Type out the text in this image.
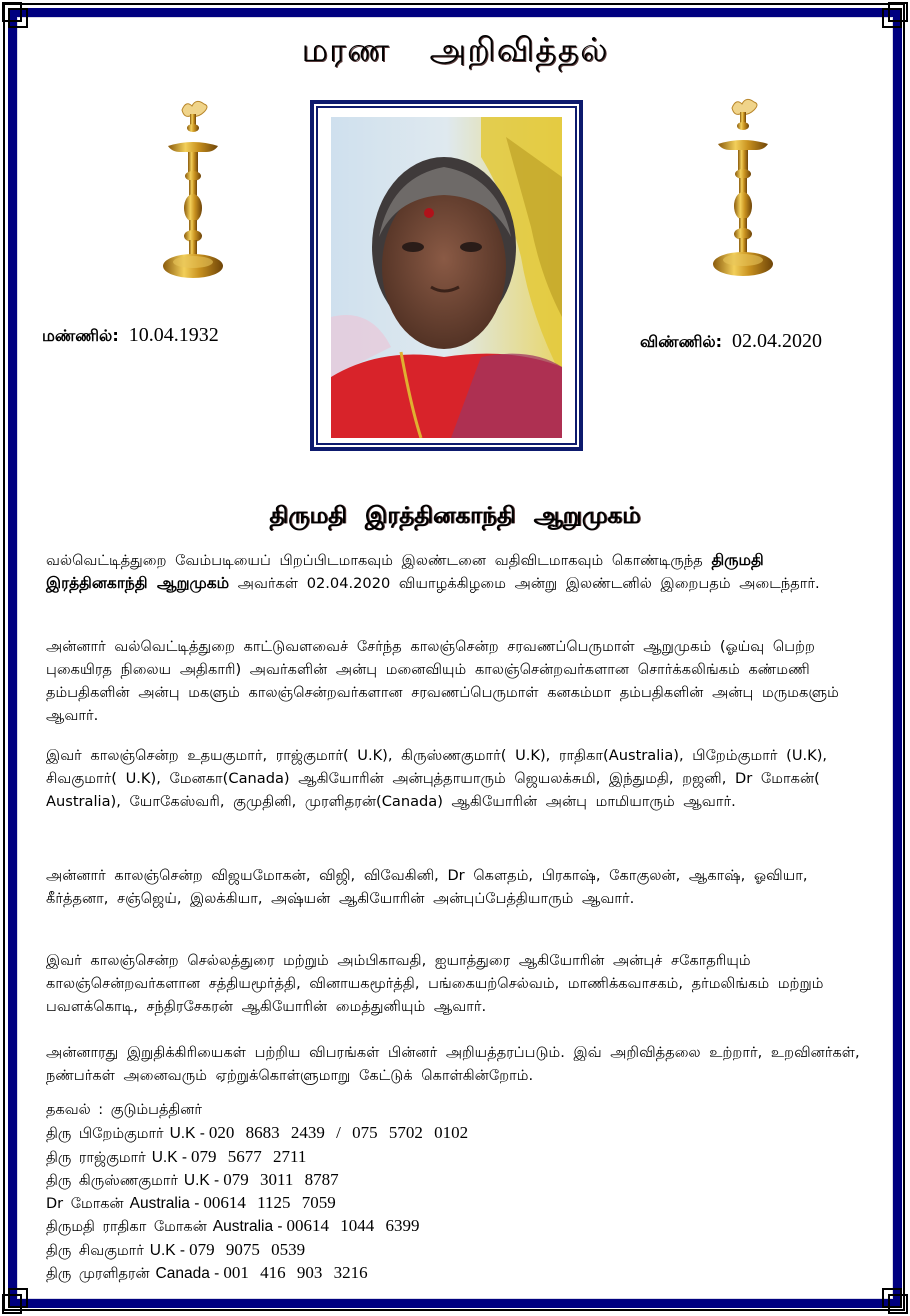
மரண அறிவித்தல்
மண்ணில்: 10.04.1932	விண்ணில்: 02.04.2020
திருமதி இரத்தினகாந்தி ஆறுமுகம்
வல்வெட்டித்துறை வேம்படியைப் பிறப்பிடமாகவும் இலண்டனை வதிவிடமாகவும் கொண்டிருந்த திருமதி இரத்தினகாந்தி ஆறுமுகம் அவர்கள் 02.04.2020 வியாழக்கிழமை அன்று இலண்டனில் இறைபதம் அடைந்தார்.
அன்னார் வல்வெட்டித்துறை காட்டுவளவைச் சேர்ந்த காலஞ்சென்ற சரவணப்பெருமாள் ஆறுமுகம் (ஓய்வு பெற்ற புகையிரத நிலைய அதிகாரி) அவர்களின் அன்பு மனைவியும் காலஞ்சென்றவர்களான சொர்க்கலிங்கம் கண்மணி தம்பதிகளின் அன்பு மகளும் காலஞ்சென்றவர்களான சரவணப்பெருமாள் கனகம்மா தம்பதிகளின் அன்பு மருமகளும் ஆவார்.
இவர் காலஞ்சென்ற உதயகுமார், ராஜ்குமார்( U.K), கிருஸ்ணகுமார்( U.K), ராதிகா(Australia), பிறேம்குமார் (U.K), சிவகுமார்( U.K), மேனகா(Canada) ஆகியோரின் அன்புத்தாயாரும் ஜெயலக்சுமி, இந்துமதி, றஜனி, Dr மோகன்( Australia), யோகேஸ்வரி, குமுதினி, முரளிதரன்(Canada) ஆகியோரின் அன்பு மாமியாரும் ஆவார்.
அன்னார் காலஞ்சென்ற விஜயமோகன், விஜி, விவேகினி, Dr கௌதம், பிரகாஷ், கோகுலன், ஆகாஷ், ஓவியா, கீர்த்தனா, சஞ்ஜெய், இலக்கியா, அஷ்யன் ஆகியோரின் அன்புப்பேத்தியாரும் ஆவார்.
இவர் காலஞ்சென்ற செல்லத்துரை மற்றும் அம்பிகாவதி, ஐயாத்துரை ஆகியோரின் அன்புச் சகோதரியும் காலஞ்சென்றவர்களான சத்தியமூர்த்தி, வினாயகமூர்த்தி, பங்கையற்செல்வம், மாணிக்கவாசகம், தர்மலிங்கம் மற்றும் பவளக்கொடி, சந்திரசேகரன் ஆகியோரின் மைத்துனியும் ஆவார்.
அன்னாரது இறுதிக்கிரியைகள் பற்றிய விபரங்கள் பின்னர் அறியத்தரப்படும். இவ் அறிவித்தலை உற்றார், உறவினர்கள், நண்பர்கள் அனைவரும் ஏற்றுக்கொள்ளுமாறு கேட்டுக் கொள்கின்றோம்.
தகவல் : குடும்பத்தினர்
திரு பிறேம்குமார் U.K - 020 8683 2439 / 075 5702 0102
திரு ராஜ்குமார் U.K - 079 5677 2711
திரு கிருஸ்ணகுமார் U.K - 079 3011 8787
Dr மோகன் Australia - 00614 1125 7059
திருமதி ராதிகா மோகன் Australia - 00614 1044 6399
திரு சிவகுமார் U.K - 079 9075 0539
திரு முரளிதரன் Canada - 001 416 903 3216
